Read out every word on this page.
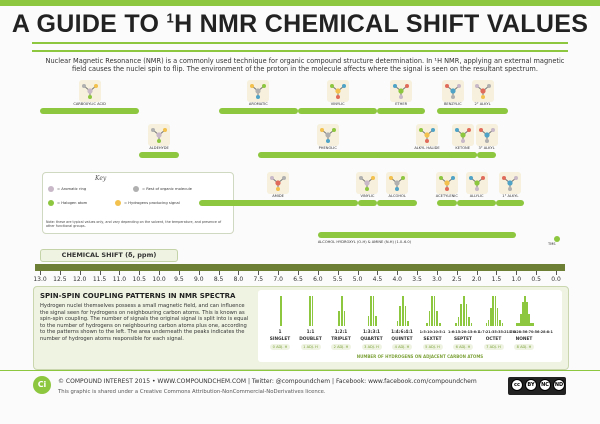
A GUIDE TO $^1$H NMR CHEMICAL SHIFT VALUES
Nuclear Magnetic Resonance (NMR) is a commonly used technique for organic compound structure determination. In ¹H NMR, applying an external magnetic field causes the nuclei spin to flip. The environment of the proton in the molecule affects where the signal is seen on the resultant spectrum.
Key
= Aromatic ring	= Rest of organic molecule
= Halogen atom	= Hydrogens producing signal
Note: these are typical values only, and vary depending on the solvent, the temperature, and presence of other functional groups.
CARBOXYLIC ACID	AROMATIC	VINYLIC	ETHER	BENZYLIC	2° ALKYL
ALDEHYDE	PHENOLIC	ALKYL HALIDE	KETONE	3° ALKYL
AMIDE	VINYLIC	ALCOHOL	ACETYLENIC	ALLYLIC	1° ALKYL
ALCOHOL HYDROXYL (O-H) & AMINE (N-H) (1.0–6.0)	TMS
CHEMICAL SHIFT (δ, ppm)
13.0 12.5 12.0 11.5 11.0 10.5 10.0 9.5 9.0 8.5 8.0 7.5 7.0 6.5 6.0 5.5 5.0 4.5 4.0 3.5 3.0 2.5 2.0 1.5 1.0 0.5 0.0
SPIN-SPIN COUPLING PATTERNS IN NMR SPECTRA
Hydrogen nuclei themselves possess a small magnetic field, and can influence the signal seen for hydrogens on neighbouring carbon atoms. This is known as spin-spin coupling. The number of signals the original signal is split into is equal to the number of hydrogens on neighbouring carbon atoms plus one, according to the patterns shown to the left. The area underneath the peaks indicates the number of hydrogen atoms responsible for each signal.
1
SINGLET
0 ADJ. H
1:1
DOUBLET
1 ADJ. H
1:2:1
TRIPLET
2 ADJ. H
1:3:3:1
QUARTET
3 ADJ. H
1:4:6:4:1
QUINTET
4 ADJ. H
1:5:10:10:5:1
SEXTET
5 ADJ. H
1:6:15:20:15:6:1
SEPTET
6 ADJ. H
1:7:21:35:35:21:7:1
OCTET
7 ADJ. H
1:8:28:56:70:56:28:8:1
NONET
8 ADJ. H
NUMBER OF HYDROGENS ON ADJACENT CARBON ATOMS
Ci	© COMPOUND INTEREST 2015 • WWW.COMPOUNDCHEM.COM | Twitter: @compoundchem | Facebook: www.facebook.com/compoundchem
This graphic is shared under a Creative Commons Attribution-NonCommercial-NoDerivatives licence.
cc	BY	NC	ND
